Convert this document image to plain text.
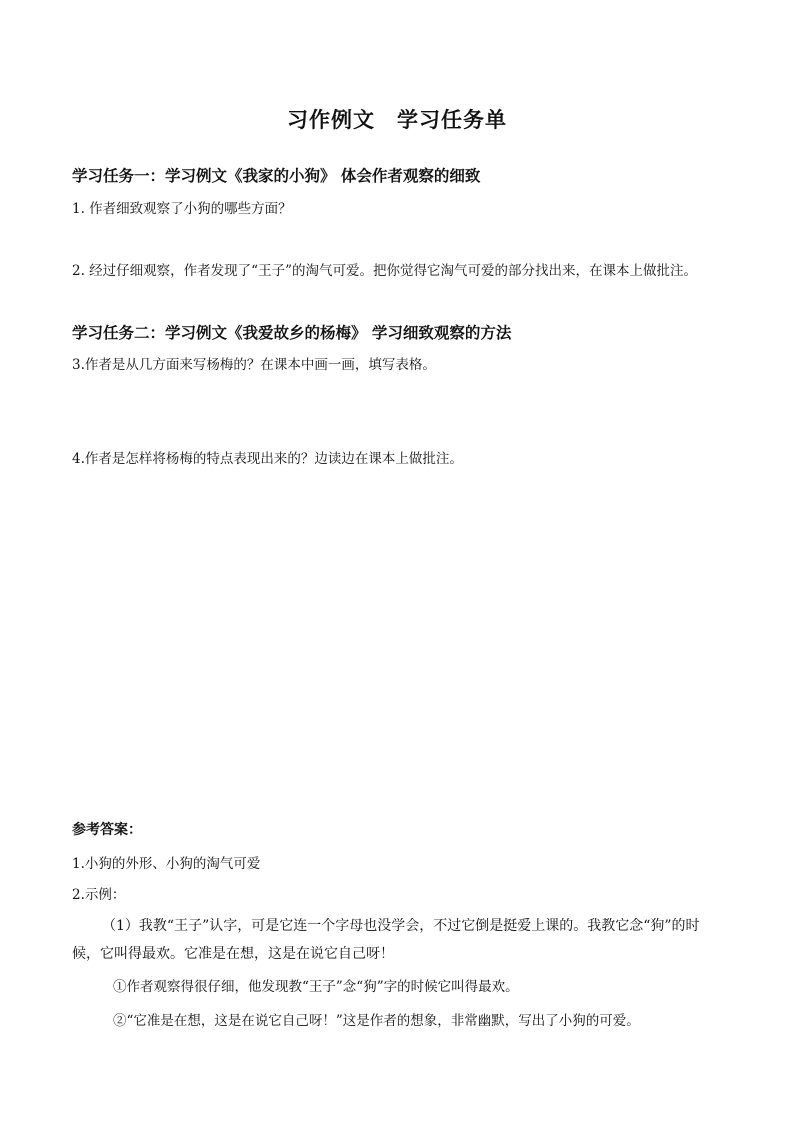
习作例文 学习任务单
学习任务一：学习例文《我家的小狗》 体会作者观察的细致
1. 作者细致观察了小狗的哪些方面？
2. 经过仔细观察，作者发现了“王子”的淘气可爱。把你觉得它淘气可爱的部分找出来，在课本上做批注。
学习任务二：学习例文《我爱故乡的杨梅》 学习细致观察的方法
3.作者是从几方面来写杨梅的？在课本中画一画，填写表格。
4.作者是怎样将杨梅的特点表现出来的？边读边在课本上做批注。
参考答案：
1.小狗的外形、小狗的淘气可爱
2.示例：
（1）我教“王子”认字，可是它连一个字母也没学会，不过它倒是挺爱上课的。我教它念“狗”的时候，它叫得最欢。它准是在想，这是在说它自己呀！
①作者观察得很仔细，他发现教“王子”念“狗”字的时候它叫得最欢。
②“它准是在想，这是在说它自己呀！”这是作者的想象，非常幽默，写出了小狗的可爱。
